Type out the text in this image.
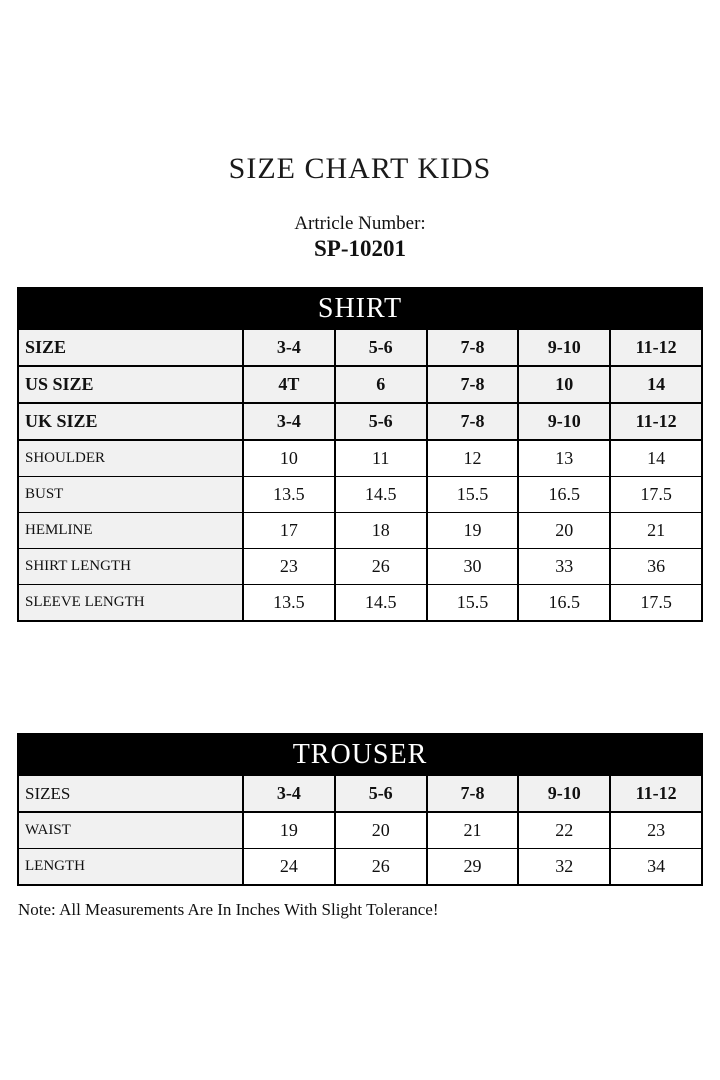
SIZE CHART KIDS
Artricle Number:
SP-10201
SHIRT					
SIZE	3-4	5-6	7-8	9-10	11-12
US SIZE	4T	6	7-8	10	14
UK SIZE	3-4	5-6	7-8	9-10	11-12
SHOULDER	10	11	12	13	14
BUST	13.5	14.5	15.5	16.5	17.5
HEMLINE	17	18	19	20	21
SHIRT LENGTH	23	26	30	33	36
SLEEVE LENGTH	13.5	14.5	15.5	16.5	17.5
TROUSER					
SIZES	3-4	5-6	7-8	9-10	11-12
WAIST	19	20	21	22	23
LENGTH	24	26	29	32	34
Note: All Measurements Are In Inches With Slight Tolerance!
